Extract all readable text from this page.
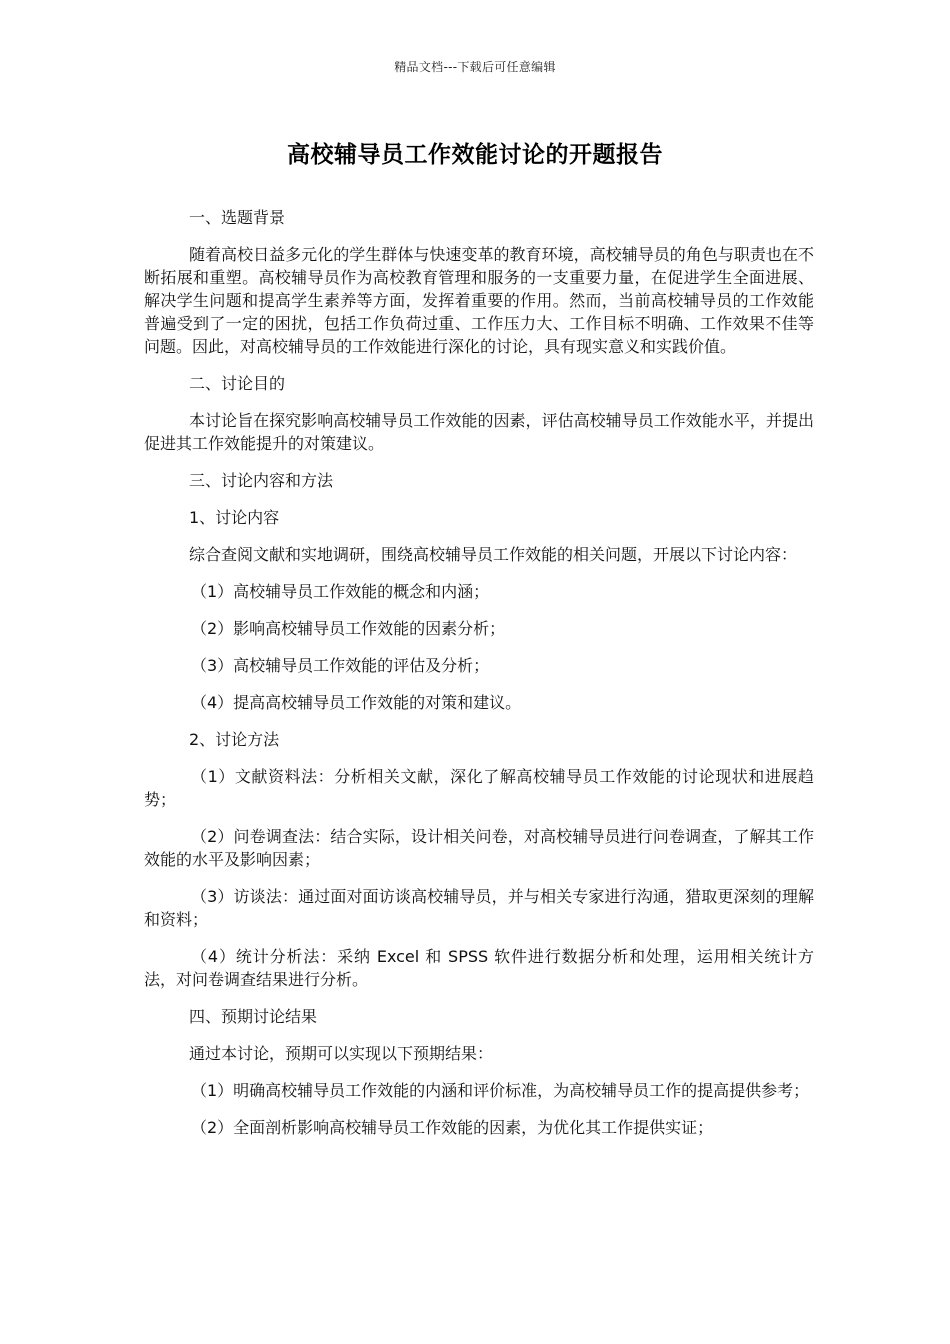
精品文档---下载后可任意编辑
高校辅导员工作效能讨论的开题报告

一、选题背景

随着高校日益多元化的学生群体与快速变革的教育环境，高校辅导员的角色与职责也在不断拓展和重塑。高校辅导员作为高校教育管理和服务的一支重要力量，在促进学生全面进展、解决学生问题和提高学生素养等方面，发挥着重要的作用。然而，当前高校辅导员的工作效能普遍受到了一定的困扰，包括工作负荷过重、工作压力大、工作目标不明确、工作效果不佳等问题。因此，对高校辅导员的工作效能进行深化的讨论，具有现实意义和实践价值。

二、讨论目的

本讨论旨在探究影响高校辅导员工作效能的因素，评估高校辅导员工作效能水平，并提出促进其工作效能提升的对策建议。

三、讨论内容和方法

1、讨论内容

综合查阅文献和实地调研，围绕高校辅导员工作效能的相关问题，开展以下讨论内容：

（1）高校辅导员工作效能的概念和内涵；

（2）影响高校辅导员工作效能的因素分析；

（3）高校辅导员工作效能的评估及分析；

（4）提高高校辅导员工作效能的对策和建议。

2、讨论方法

（1）文献资料法：分析相关文献，深化了解高校辅导员工作效能的讨论现状和进展趋势；

（2）问卷调查法：结合实际，设计相关问卷，对高校辅导员进行问卷调查，了解其工作效能的水平及影响因素；

（3）访谈法：通过面对面访谈高校辅导员，并与相关专家进行沟通，猎取更深刻的理解和资料；

（4）统计分析法：采纳 Excel 和 SPSS 软件进行数据分析和处理，运用相关统计方法，对问卷调查结果进行分析。

四、预期讨论结果

通过本讨论，预期可以实现以下预期结果：

（1）明确高校辅导员工作效能的内涵和评价标准，为高校辅导员工作的提高提供参考；

（2）全面剖析影响高校辅导员工作效能的因素，为优化其工作提供实证；
